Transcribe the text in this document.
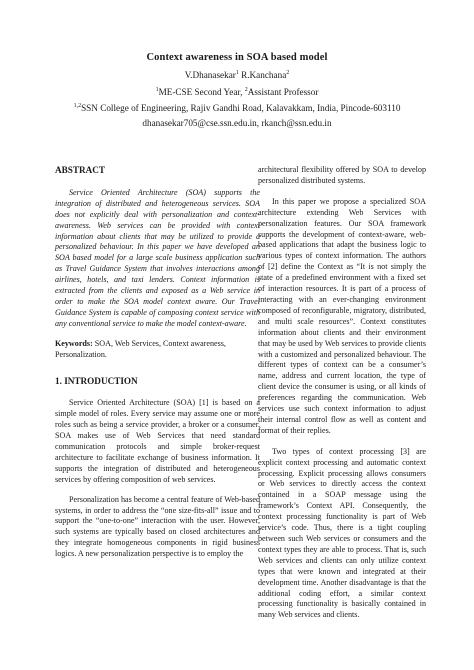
Context awareness in SOA based model
V.Dhanasekar$^1$ R.Kanchana$^2$
$^1$ME-CSE Second Year, $^2$Assistant Professor
$^{1,2}$SSN College of Engineering, Rajiv Gandhi Road, Kalavakkam, India, Pincode-603110
dhanasekar705@cse.ssn.edu.in, rkanch@ssn.edu.in
ABSTRACT

Service Oriented Architecture (SOA) supports the integration of distributed and heterogeneous services. SOA does not explicitly deal with personalization and context-awareness. Web services can be provided with context information about clients that may be utilized to provide a personalized behaviour. In this paper we have developed an SOA based model for a large scale business application such as Travel Guidance System that involves interactions among airlines, hotels, and taxi lenders. Context information is extracted from the clients and exposed as a Web service in order to make the SOA model context aware. Our Travel Guidance System is capable of composing context service with any conventional service to make the model context-aware.

Keywords: SOA, Web Services, Context awareness, Personalization.

1. INTRODUCTION

Service Oriented Architecture (SOA) [1] is based on a simple model of roles. Every service may assume one or more roles such as being a service provider, a broker or a consumer. SOA makes use of Web Services that need standard communication protocols and simple broker-request architecture to facilitate exchange of business information. It supports the integration of distributed and heterogeneous services by offering composition of web services.

Personalization has become a central feature of Web-based systems, in order to address the “one size-fits-all” issue and to support the “one-to-one” interaction with the user. However, such systems are typically based on closed architectures and they integrate homogeneous components in rigid business logics. A new personalization perspective is to employ the

architectural flexibility offered by SOA to develop personalized distributed systems.

In this paper we propose a specialized SOA architecture extending Web Services with personalization features. Our SOA framework supports the development of context-aware, web-based applications that adapt the business logic to various types of context information. The authors of [2] define the Context as “It is not simply the state of a predefined environment with a fixed set of interaction resources. It is part of a process of interacting with an ever-changing environment composed of reconfigurable, migratory, distributed, and multi scale resources”. Context constitutes information about clients and their environment that may be used by Web services to provide clients with a customized and personalized behaviour. The different types of context can be a consumer’s name, address and current location, the type of client device the consumer is using, or all kinds of preferences regarding the communication. Web services use such context information to adjust their internal control flow as well as content and format of their replies.

Two types of context processing [3] are explicit context processing and automatic context processing. Explicit processing allows consumers or Web services to directly access the context contained in a SOAP message using the framework’s Context API. Consequently, the context processing functionality is part of Web service’s code. Thus, there is a tight coupling between such Web services or consumers and the context types they are able to process. That is, such Web services and clients can only utilize context types that were known and integrated at their development time. Another disadvantage is that the additional coding effort, a similar context processing functionality is basically contained in many Web services and clients.
